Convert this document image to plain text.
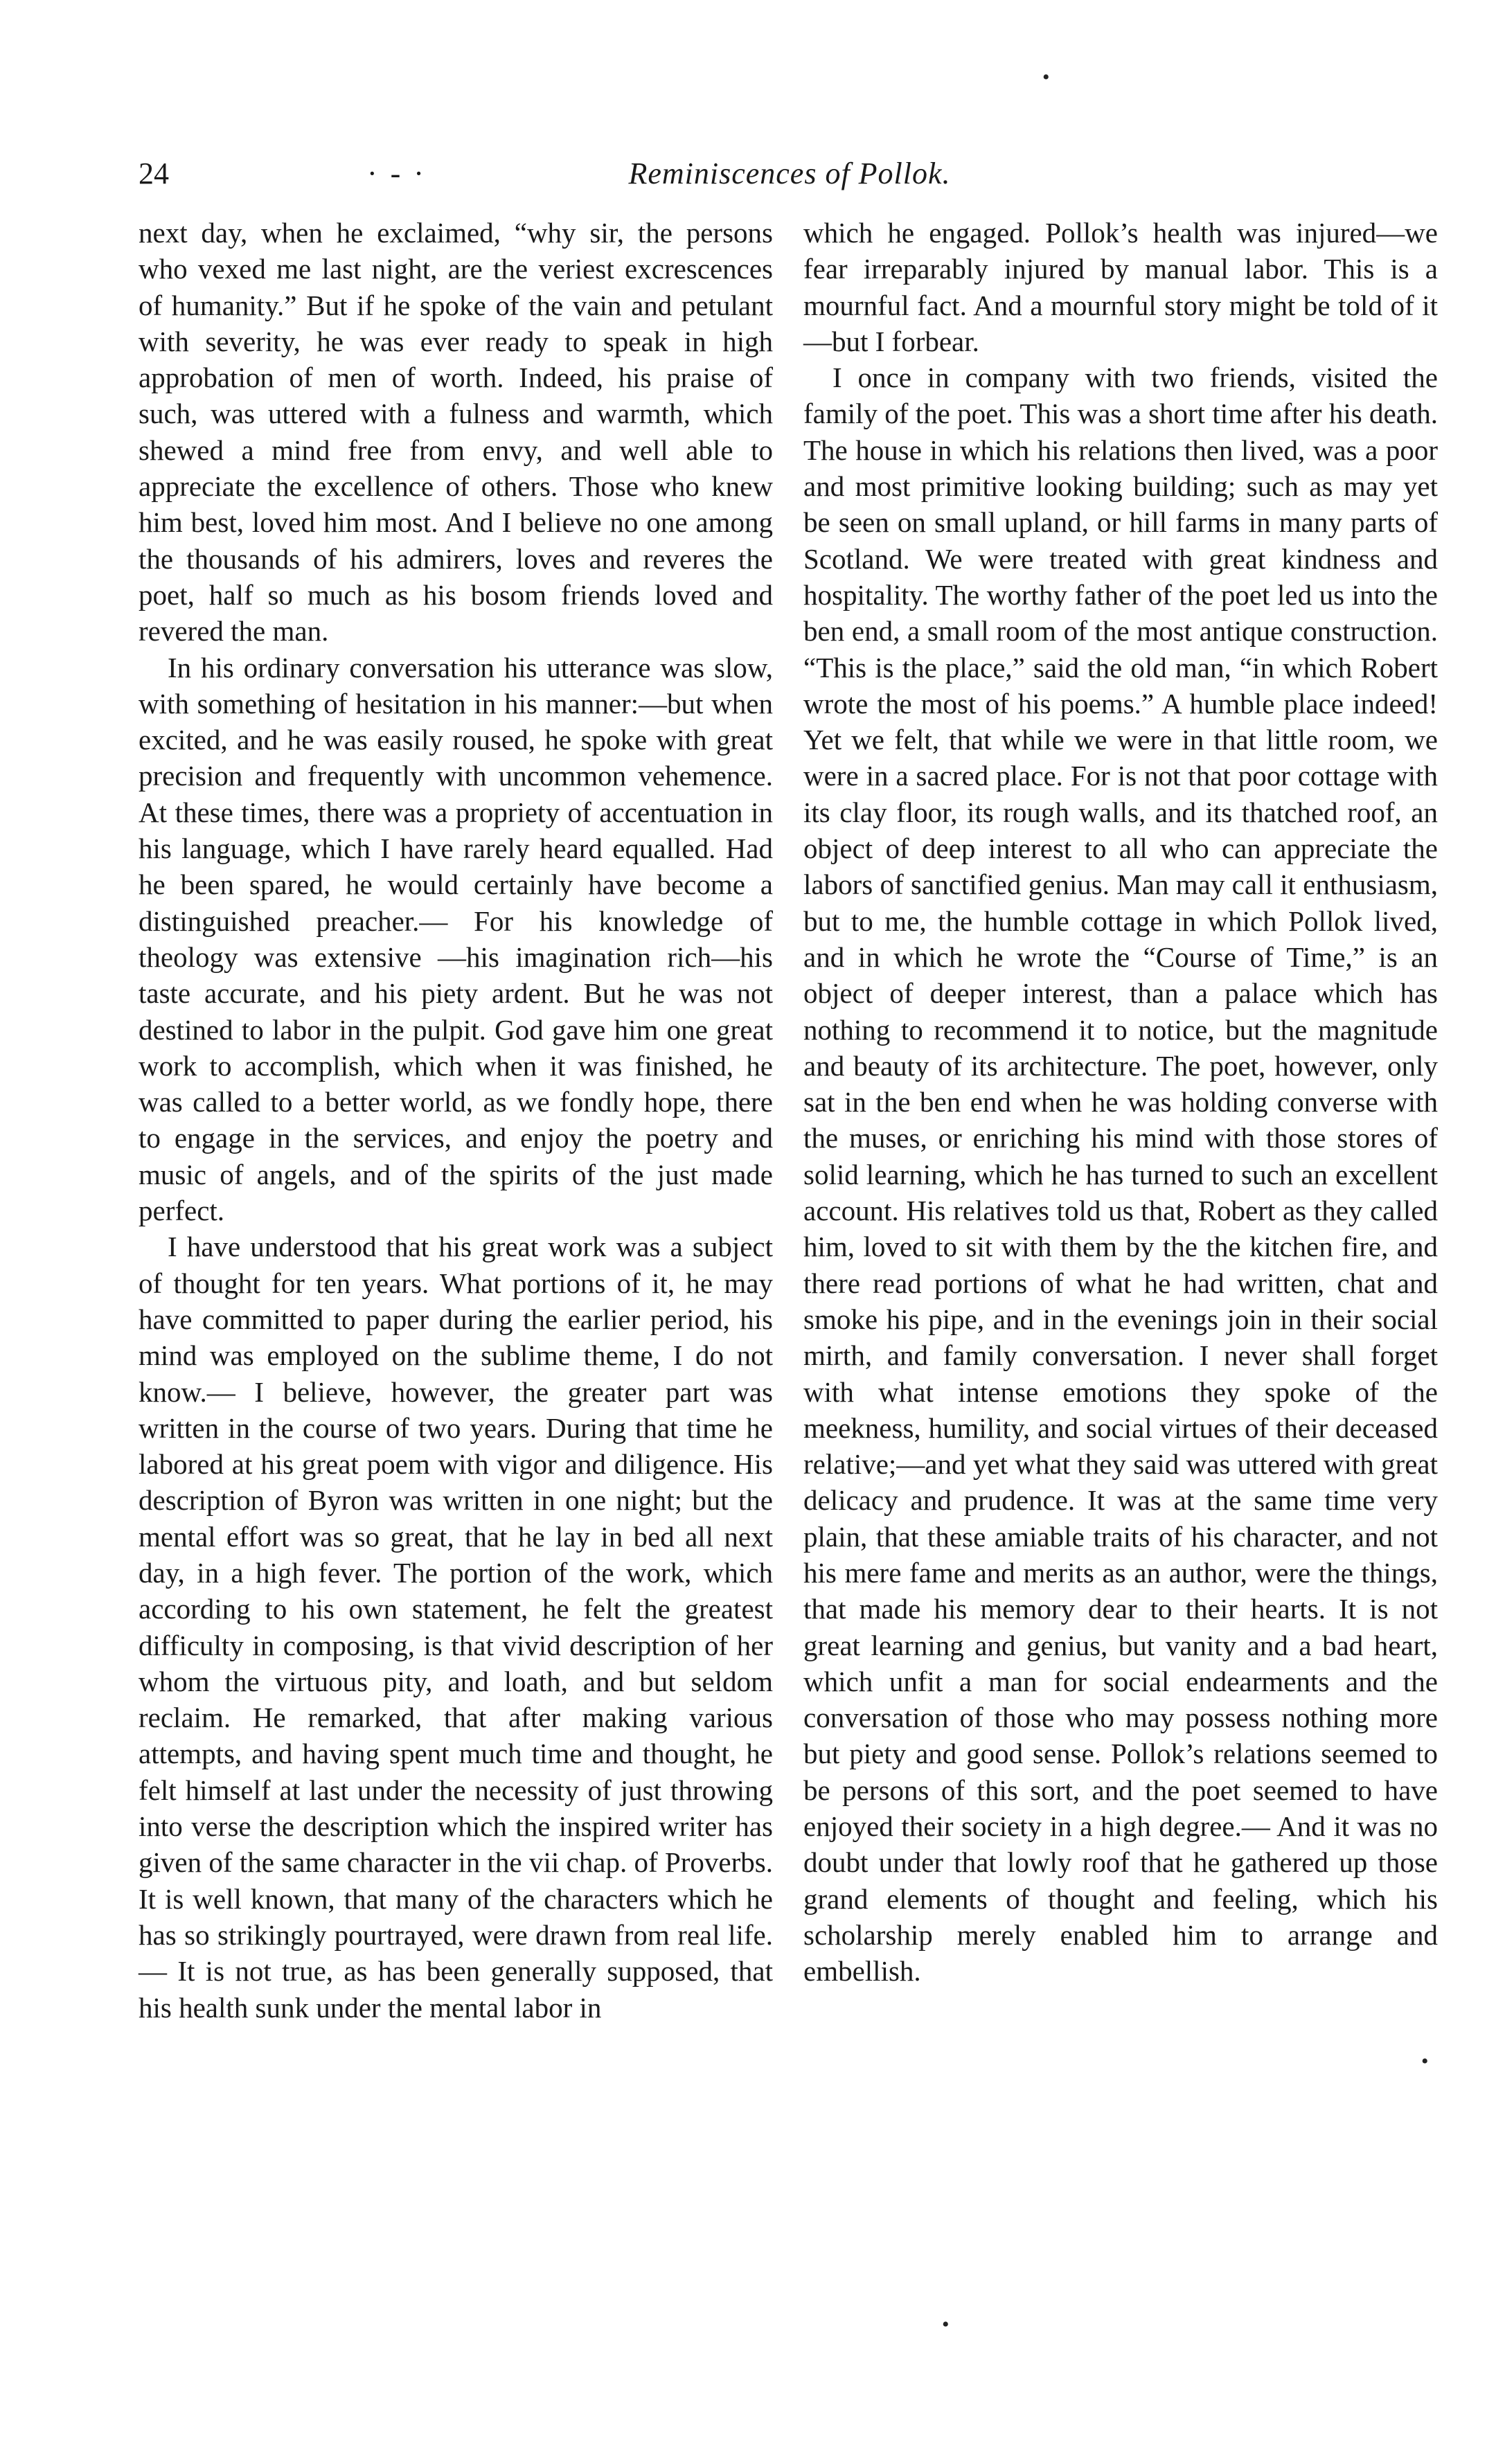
24	· - ·	Reminiscences of Pollok.

next day, when he exclaimed, “why sir, the persons who vexed me last night, are the veriest excrescences of humanity.” But if he spoke of the vain and petulant with severity, he was ever ready to speak in high approbation of men of worth. Indeed, his praise of such, was uttered with a fulness and warmth, which shewed a mind free from envy, and well able to appreciate the excellence of others. Those who knew him best, loved him most. And I believe no one among the thousands of his admirers, loves and reveres the poet, half so much as his bosom friends loved and revered the man.

In his ordinary conversation his utterance was slow, with something of hesitation in his manner:—but when excited, and he was easily roused, he spoke with great precision and frequently with uncommon vehemence. At these times, there was a propriety of accentuation in his language, which I have rarely heard equalled. Had he been spared, he would certainly have become a distinguished preacher.— For his knowledge of theology was extensive —his imagination rich—his taste accurate, and his piety ardent. But he was not destined to labor in the pulpit. God gave him one great work to accomplish, which when it was finished, he was called to a better world, as we fondly hope, there to engage in the services, and enjoy the poetry and music of angels, and of the spirits of the just made perfect.

I have understood that his great work was a subject of thought for ten years. What portions of it, he may have committed to paper during the earlier period, his mind was employed on the sublime theme, I do not know.— I believe, however, the greater part was written in the course of two years. During that time he labored at his great poem with vigor and diligence. His description of Byron was written in one night; but the mental effort was so great, that he lay in bed all next day, in a high fever. The portion of the work, which according to his own statement, he felt the greatest difficulty in composing, is that vivid description of her whom the virtuous pity, and loath, and but seldom reclaim. He remarked, that after making various attempts, and having spent much time and thought, he felt himself at last under the necessity of just throwing into verse the description which the inspired writer has given of the same character in the vii chap. of Proverbs. It is well known, that many of the characters which he has so strikingly pourtrayed, were drawn from real life.— It is not true, as has been generally supposed, that his health sunk under the mental labor in

which he engaged. Pollok’s health was injured—we fear irreparably injured by manual labor. This is a mournful fact. And a mournful story might be told of it—but I forbear.

I once in company with two friends, visited the family of the poet. This was a short time after his death. The house in which his relations then lived, was a poor and most primitive looking building; such as may yet be seen on small upland, or hill farms in many parts of Scotland. We were treated with great kindness and hospitality. The worthy father of the poet led us into the ben end, a small room of the most antique construction. “This is the place,” said the old man, “in which Robert wrote the most of his poems.” A humble place indeed! Yet we felt, that while we were in that little room, we were in a sacred place. For is not that poor cottage with its clay floor, its rough walls, and its thatched roof, an object of deep interest to all who can appreciate the labors of sanctified genius. Man may call it enthusiasm, but to me, the humble cottage in which Pollok lived, and in which he wrote the “Course of Time,” is an object of deeper interest, than a palace which has nothing to recommend it to notice, but the magnitude and beauty of its architecture. The poet, however, only sat in the ben end when he was holding converse with the muses, or enriching his mind with those stores of solid learning, which he has turned to such an excellent account. His relatives told us that, Robert as they called him, loved to sit with them by the the kitchen fire, and there read portions of what he had written, chat and smoke his pipe, and in the evenings join in their social mirth, and family conversation. I never shall forget with what intense emotions they spoke of the meekness, humility, and social virtues of their deceased relative;—and yet what they said was uttered with great delicacy and prudence. It was at the same time very plain, that these amiable traits of his character, and not his mere fame and merits as an author, were the things, that made his memory dear to their hearts. It is not great learning and genius, but vanity and a bad heart, which unfit a man for social endearments and the conversation of those who may possess nothing more but piety and good sense. Pollok’s relations seemed to be persons of this sort, and the poet seemed to have enjoyed their society in a high degree.— And it was no doubt under that lowly roof that he gathered up those grand elements of thought and feeling, which his scholarship merely enabled him to arrange and embellish.

•
•
•
